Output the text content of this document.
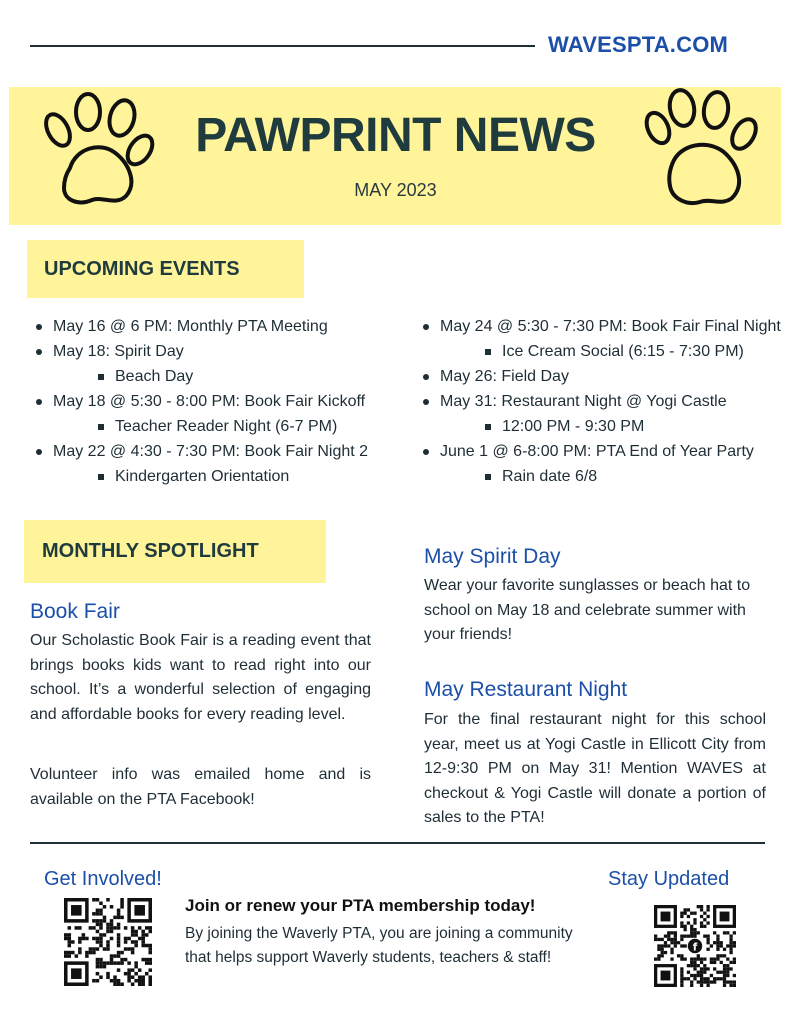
WAVESPTA.COM
PAWPRINT NEWS
MAY 2023
UPCOMING EVENTS
May 16 @ 6 PM: Monthly PTA Meeting
May 18: Spirit Day
Beach Day
May 18 @ 5:30 - 8:00 PM: Book Fair Kickoff
Teacher Reader Night (6-7 PM)
May 22 @ 4:30 - 7:30 PM: Book Fair Night 2
Kindergarten Orientation
May 24 @ 5:30 - 7:30 PM: Book Fair Final Night
Ice Cream Social (6:15 - 7:30 PM)
May 26: Field Day
May 31: Restaurant Night @ Yogi Castle
12:00 PM - 9:30 PM
June 1 @ 6-8:00 PM: PTA End of Year Party
Rain date 6/8
MONTHLY SPOTLIGHT
Book Fair
Our Scholastic Book Fair is a reading event that brings books kids want to read right into our school. It’s a wonderful selection of engaging and affordable books for every reading level.
Volunteer info was emailed home and is available on the PTA Facebook!
May Spirit Day
Wear your favorite sunglasses or beach hat to school on May 18 and celebrate summer with your friends!
May Restaurant Night
For the final restaurant night for this school year, meet us at Yogi Castle in Ellicott City from 12-9:30 PM on May 31! Mention WAVES at checkout & Yogi Castle will donate a portion of sales to the PTA!
Get Involved!	Stay Updated
f
Join or renew your PTA membership today!
By joining the Waverly PTA, you are joining a community that helps support Waverly students, teachers & staff!
